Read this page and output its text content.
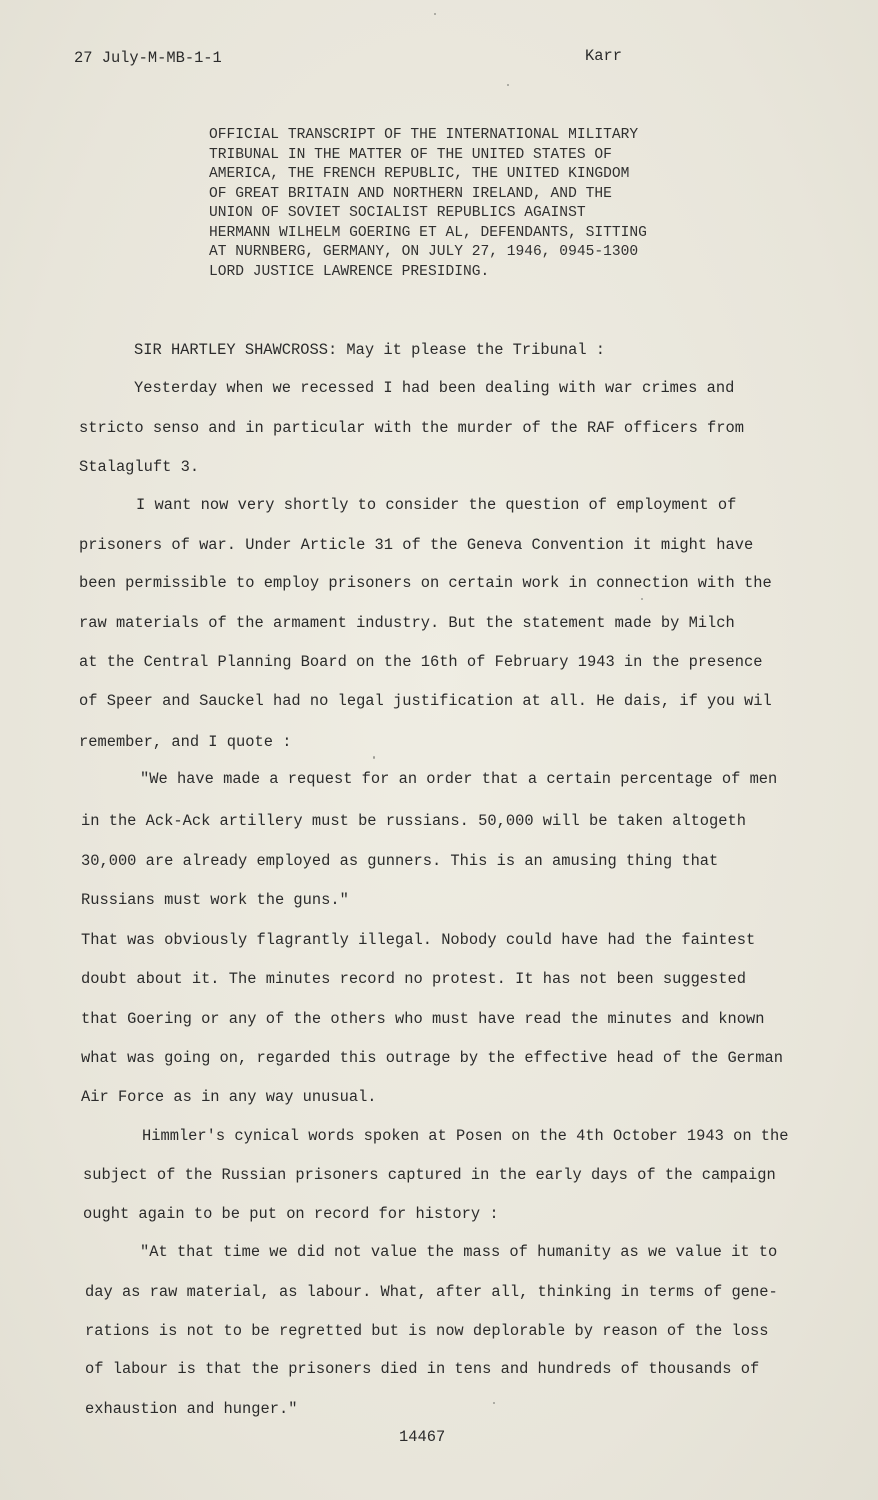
27 July-M-MB-1-1	Karr
OFFICIAL TRANSCRIPT OF THE INTERNATIONAL MILITARY
TRIBUNAL IN THE MATTER OF THE UNITED STATES OF
AMERICA, THE FRENCH REPUBLIC, THE UNITED KINGDOM
OF GREAT BRITAIN AND NORTHERN IRELAND, AND THE
UNION OF SOVIET SOCIALIST REPUBLICS AGAINST
HERMANN WILHELM GOERING ET AL, DEFENDANTS, SITTING
AT NURNBERG, GERMANY, ON JULY 27, 1946, 0945-1300
LORD JUSTICE LAWRENCE PRESIDING.
SIR HARTLEY SHAWCROSS: May it please the Tribunal :
Yesterday when we recessed I had been dealing with war crimes and
stricto senso and in particular with the murder of the RAF officers from
Stalagluft 3.
I want now very shortly to consider the question of employment of
prisoners of war. Under Article 31 of the Geneva Convention it might have
been permissible to employ prisoners on certain work in connection with the
raw materials of the armament industry. But the statement made by Milch
at the Central Planning Board on the 16th of February 1943 in the presence
of Speer and Sauckel had no legal justification at all. He dais, if you wil
remember, and I quote :
"We have made a request for an order that a certain percentage of men
in the Ack-Ack artillery must be russians. 50,000 will be taken altogeth
30,000 are already employed as gunners. This is an amusing thing that
Russians must work the guns."
That was obviously flagrantly illegal. Nobody could have had the faintest
doubt about it. The minutes record no protest. It has not been suggested
that Goering or any of the others who must have read the minutes and known
what was going on, regarded this outrage by the effective head of the German
Air Force as in any way unusual.
Himmler's cynical words spoken at Posen on the 4th October 1943 on the
subject of the Russian prisoners captured in the early days of the campaign
ought again to be put on record for history :
"At that time we did not value the mass of humanity as we value it to
day as raw material, as labour. What, after all, thinking in terms of gene-
rations is not to be regretted but is now deplorable by reason of the loss
of labour is that the prisoners died in tens and hundreds of thousands of
exhaustion and hunger."
14467
